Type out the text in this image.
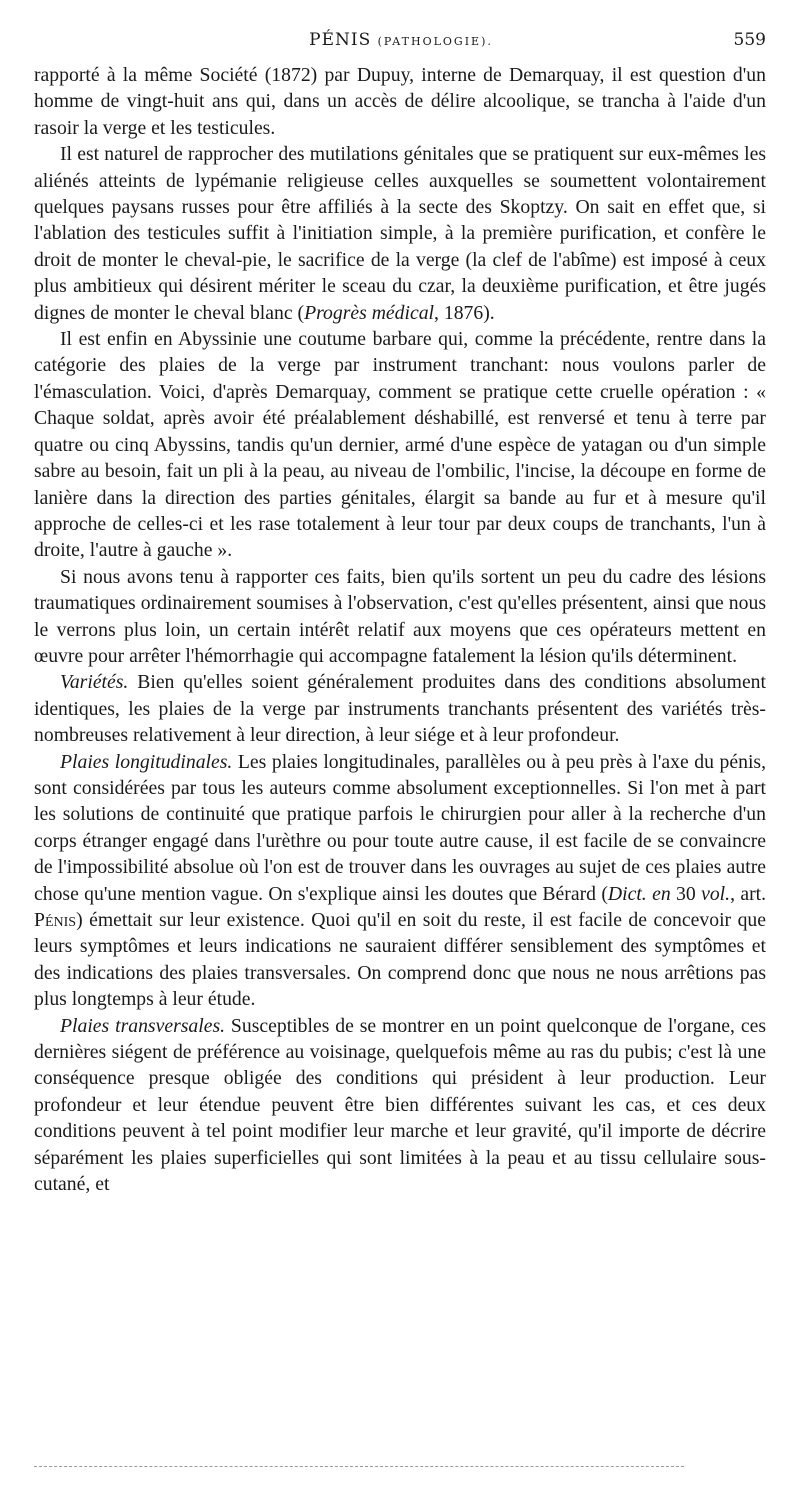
PÉNIS (PATHOLOGIE).	559

rapporté à la même Société (1872) par Dupuy, interne de Demarquay, il est question d'un homme de vingt-huit ans qui, dans un accès de délire alcoolique, se trancha à l'aide d'un rasoir la verge et les testicules.

Il est naturel de rapprocher des mutilations génitales que se pratiquent sur eux-mêmes les aliénés atteints de lypémanie religieuse celles auxquelles se soumettent volontairement quelques paysans russes pour être affiliés à la secte des Skoptzy. On sait en effet que, si l'ablation des testicules suffit à l'initiation simple, à la première purification, et confère le droit de monter le cheval-pie, le sacrifice de la verge (la clef de l'abîme) est imposé à ceux plus ambitieux qui désirent mériter le sceau du czar, la deuxième purification, et être jugés dignes de monter le cheval blanc (Progrès médical, 1876).

Il est enfin en Abyssinie une coutume barbare qui, comme la précédente, rentre dans la catégorie des plaies de la verge par instrument tranchant: nous voulons parler de l'émasculation. Voici, d'après Demarquay, comment se pratique cette cruelle opération : « Chaque soldat, après avoir été préalablement déshabillé, est renversé et tenu à terre par quatre ou cinq Abyssins, tandis qu'un dernier, armé d'une espèce de yatagan ou d'un simple sabre au besoin, fait un pli à la peau, au niveau de l'ombilic, l'incise, la découpe en forme de lanière dans la direction des parties génitales, élargit sa bande au fur et à mesure qu'il approche de celles-ci et les rase totalement à leur tour par deux coups de tranchants, l'un à droite, l'autre à gauche ».

Si nous avons tenu à rapporter ces faits, bien qu'ils sortent un peu du cadre des lésions traumatiques ordinairement soumises à l'observation, c'est qu'elles présentent, ainsi que nous le verrons plus loin, un certain intérêt relatif aux moyens que ces opérateurs mettent en œuvre pour arrêter l'hémorrhagie qui accompagne fatalement la lésion qu'ils déterminent.

Variétés. Bien qu'elles soient généralement produites dans des conditions absolument identiques, les plaies de la verge par instruments tranchants présentent des variétés très-nombreuses relativement à leur direction, à leur siége et à leur profondeur.

Plaies longitudinales. Les plaies longitudinales, parallèles ou à peu près à l'axe du pénis, sont considérées par tous les auteurs comme absolument exceptionnelles. Si l'on met à part les solutions de continuité que pratique parfois le chirurgien pour aller à la recherche d'un corps étranger engagé dans l'urèthre ou pour toute autre cause, il est facile de se convaincre de l'impossibilité absolue où l'on est de trouver dans les ouvrages au sujet de ces plaies autre chose qu'une mention vague. On s'explique ainsi les doutes que Bérard (Dict. en 30 vol., art. Pénis) émettait sur leur existence. Quoi qu'il en soit du reste, il est facile de concevoir que leurs symptômes et leurs indications ne sauraient différer sensiblement des symptômes et des indications des plaies transversales. On comprend donc que nous ne nous arrêtions pas plus longtemps à leur étude.

Plaies transversales. Susceptibles de se montrer en un point quelconque de l'organe, ces dernières siégent de préférence au voisinage, quelquefois même au ras du pubis; c'est là une conséquence presque obligée des conditions qui président à leur production. Leur profondeur et leur étendue peuvent être bien différentes suivant les cas, et ces deux conditions peuvent à tel point modifier leur marche et leur gravité, qu'il importe de décrire séparément les plaies superficielles qui sont limitées à la peau et au tissu cellulaire sous-cutané, et
